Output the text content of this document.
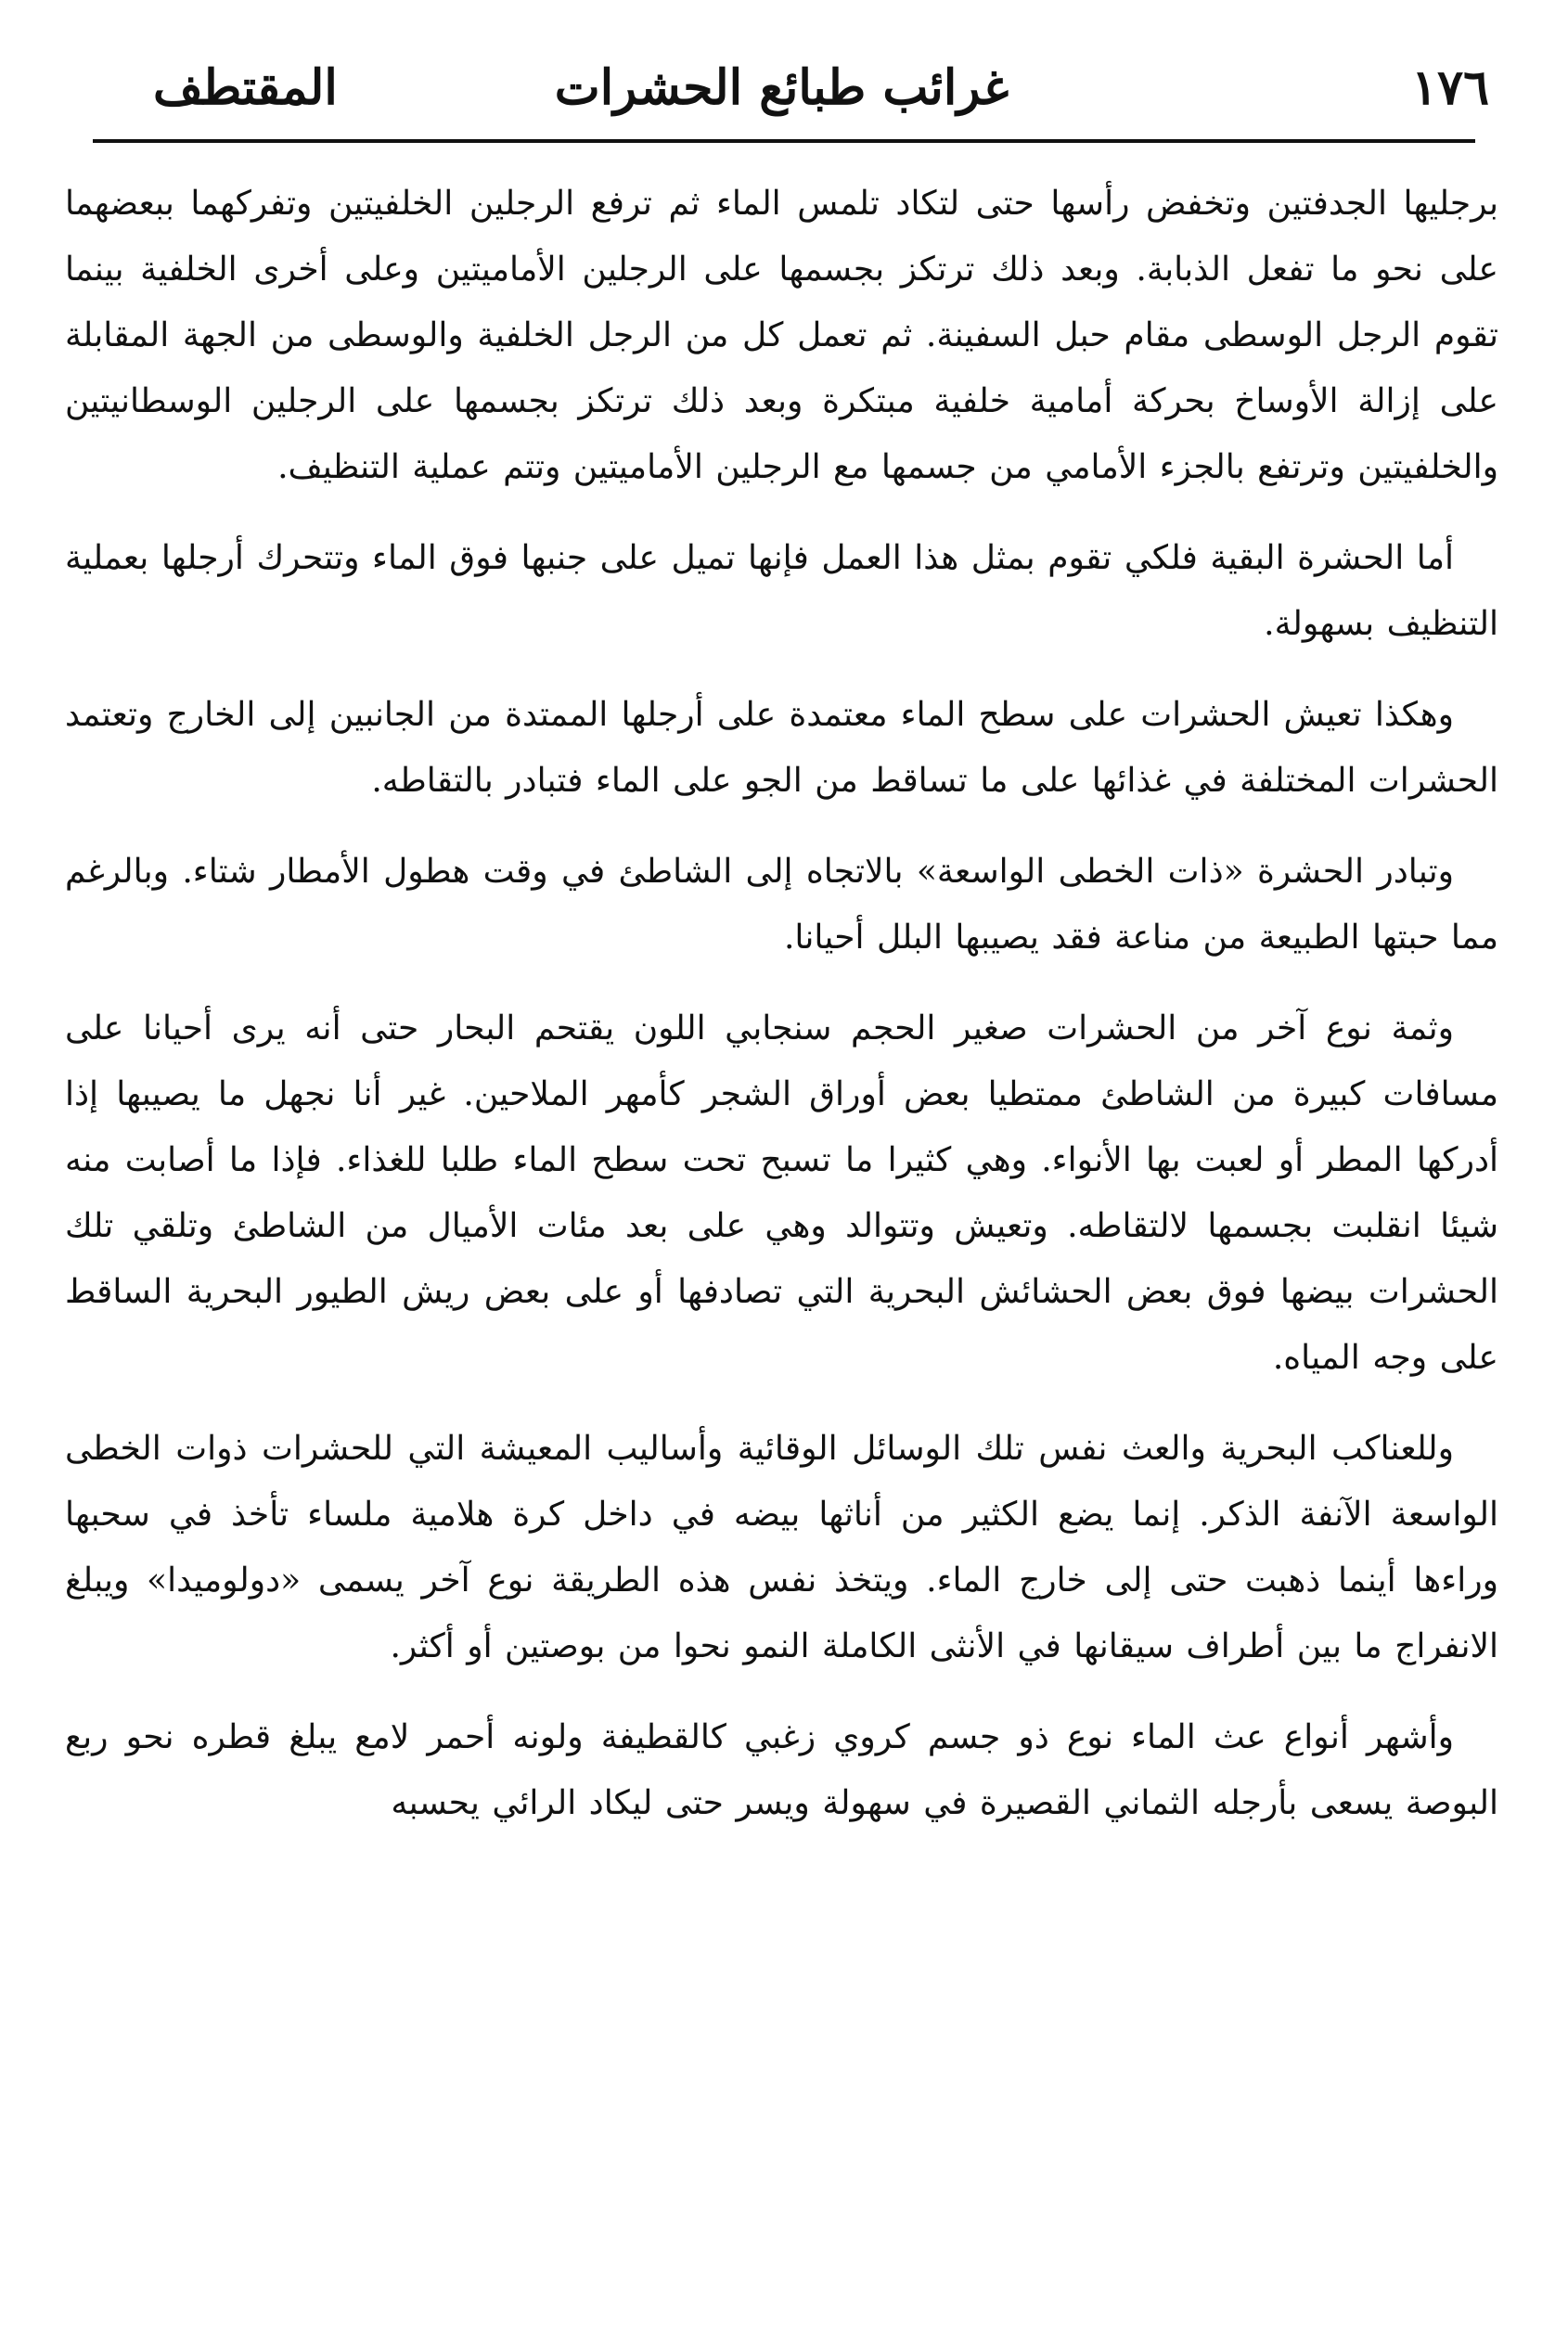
١٧٦
غرائب طبائع الحشرات
المقتطف

برجليها الجدفتين وتخفض رأسها حتى لتكاد تلمس الماء ثم ترفع الرجلين الخلفيتين وتفركهما ببعضهما على نحو ما تفعل الذبابة. وبعد ذلك ترتكز بجسمها على الرجلين الأماميتين وعلى أخرى الخلفية بينما تقوم الرجل الوسطى مقام حبل السفينة. ثم تعمل كل من الرجل الخلفية والوسطى من الجهة المقابلة على إزالة الأوساخ بحركة أمامية خلفية مبتكرة وبعد ذلك ترتكز بجسمها على الرجلين الوسطانيتين والخلفيتين وترتفع بالجزء الأمامي من جسمها مع الرجلين الأماميتين وتتم عملية التنظيف.

أما الحشرة البقية فلكي تقوم بمثل هذا العمل فإنها تميل على جنبها فوق الماء وتتحرك أرجلها بعملية التنظيف بسهولة.

وهكذا تعيش الحشرات على سطح الماء معتمدة على أرجلها الممتدة من الجانبين إلى الخارج وتعتمد الحشرات المختلفة في غذائها على ما تساقط من الجو على الماء فتبادر بالتقاطه.

وتبادر الحشرة «ذات الخطى الواسعة» بالاتجاه إلى الشاطئ في وقت هطول الأمطار شتاء. وبالرغم مما حبتها الطبيعة من مناعة فقد يصيبها البلل أحيانا.

وثمة نوع آخر من الحشرات صغير الحجم سنجابي اللون يقتحم البحار حتى أنه يرى أحيانا على مسافات كبيرة من الشاطئ ممتطيا بعض أوراق الشجر كأمهر الملاحين. غير أنا نجهل ما يصيبها إذا أدركها المطر أو لعبت بها الأنواء. وهي كثيرا ما تسبح تحت سطح الماء طلبا للغذاء. فإذا ما أصابت منه شيئا انقلبت بجسمها لالتقاطه. وتعيش وتتوالد وهي على بعد مئات الأميال من الشاطئ وتلقي تلك الحشرات بيضها فوق بعض الحشائش البحرية التي تصادفها أو على بعض ريش الطيور البحرية الساقط على وجه المياه.

وللعناكب البحرية والعث نفس تلك الوسائل الوقائية وأساليب المعيشة التي للحشرات ذوات الخطى الواسعة الآنفة الذكر. إنما يضع الكثير من أناثها بيضه في داخل كرة هلامية ملساء تأخذ في سحبها وراءها أينما ذهبت حتى إلى خارج الماء. ويتخذ نفس هذه الطريقة نوع آخر يسمى «دولوميدا» ويبلغ الانفراج ما بين أطراف سيقانها في الأنثى الكاملة النمو نحوا من بوصتين أو أكثر.

وأشهر أنواع عث الماء نوع ذو جسم كروي زغبي كالقطيفة ولونه أحمر لامع يبلغ قطره نحو ربع البوصة يسعى بأرجله الثماني القصيرة في سهولة ويسر حتى ليكاد الرائي يحسبه
